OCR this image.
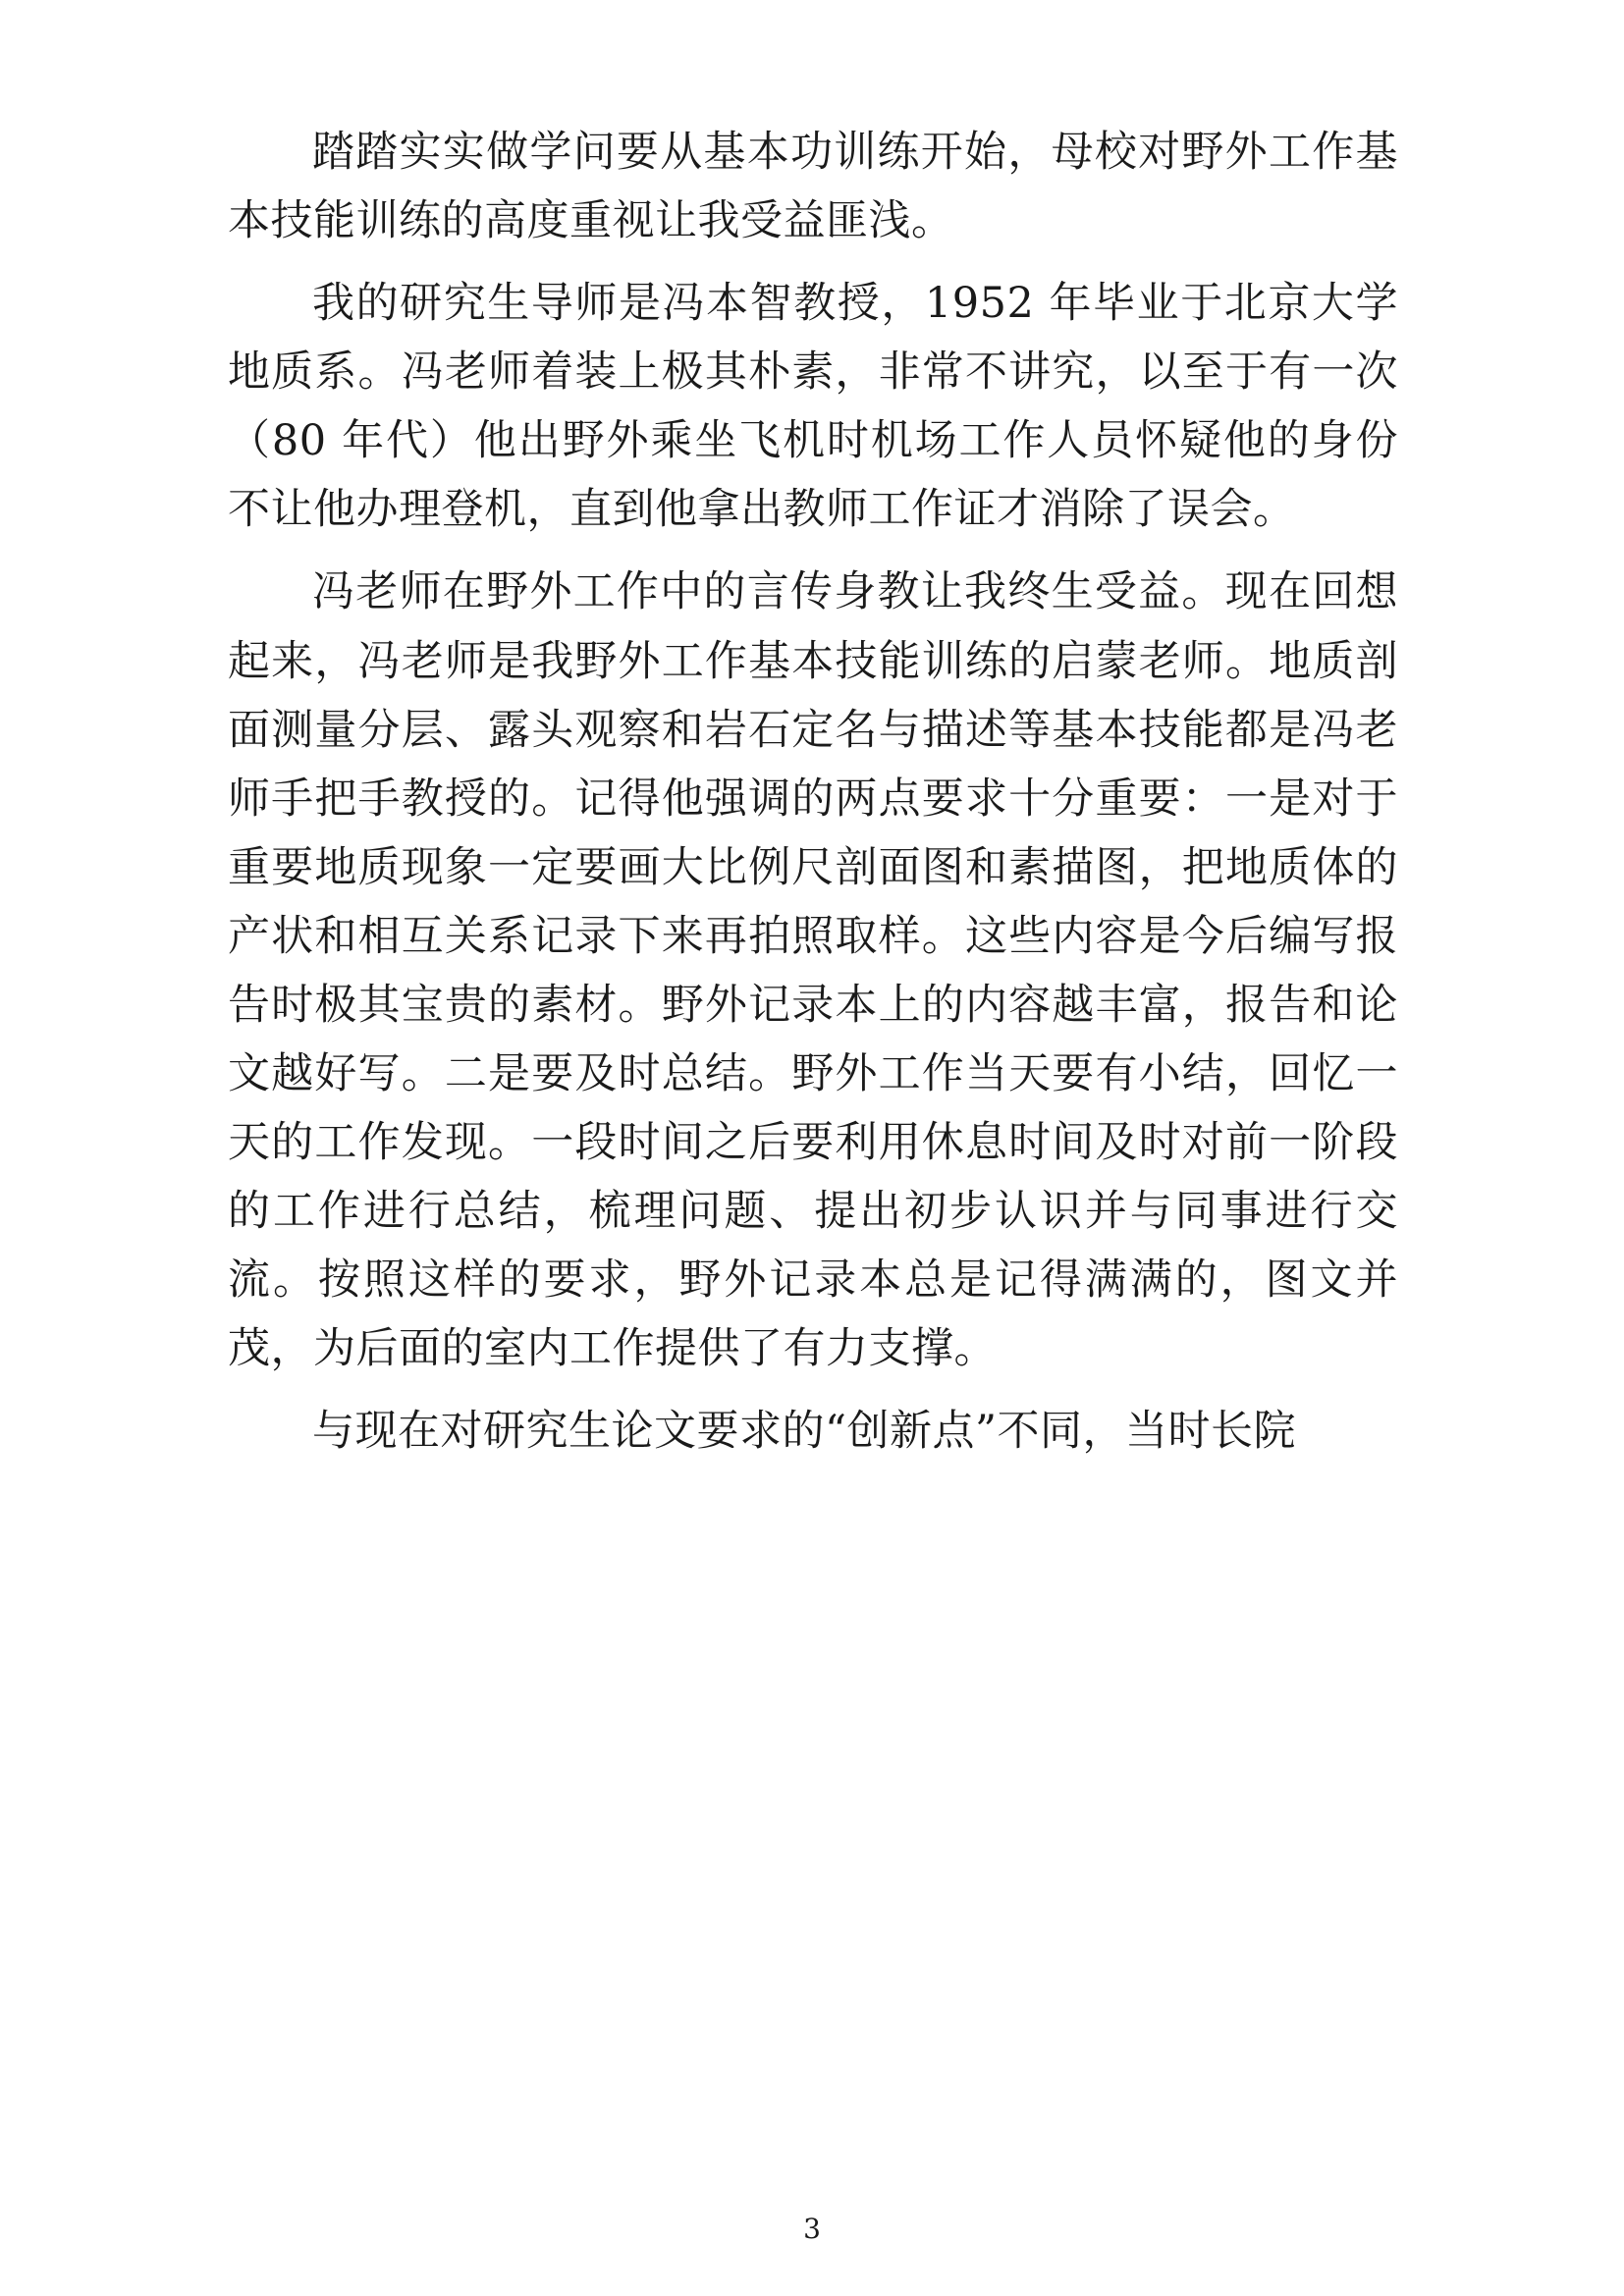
踏踏实实做学问要从基本功训练开始，母校对野外工作基本技能训练的高度重视让我受益匪浅。

我的研究生导师是冯本智教授，1952 年毕业于北京大学地质系。冯老师着装上极其朴素，非常不讲究，以至于有一次（80 年代）他出野外乘坐飞机时机场工作人员怀疑他的身份不让他办理登机，直到他拿出教师工作证才消除了误会。

冯老师在野外工作中的言传身教让我终生受益。现在回想起来，冯老师是我野外工作基本技能训练的启蒙老师。地质剖面测量分层、露头观察和岩石定名与描述等基本技能都是冯老师手把手教授的。记得他强调的两点要求十分重要：一是对于重要地质现象一定要画大比例尺剖面图和素描图，把地质体的产状和相互关系记录下来再拍照取样。这些内容是今后编写报告时极其宝贵的素材。野外记录本上的内容越丰富，报告和论文越好写。二是要及时总结。野外工作当天要有小结，回忆一天的工作发现。一段时间之后要利用休息时间及时对前一阶段的工作进行总结，梳理问题、提出初步认识并与同事进行交流。按照这样的要求，野外记录本总是记得满满的，图文并茂，为后面的室内工作提供了有力支撑。

与现在对研究生论文要求的“创新点”不同，当时长院

3
